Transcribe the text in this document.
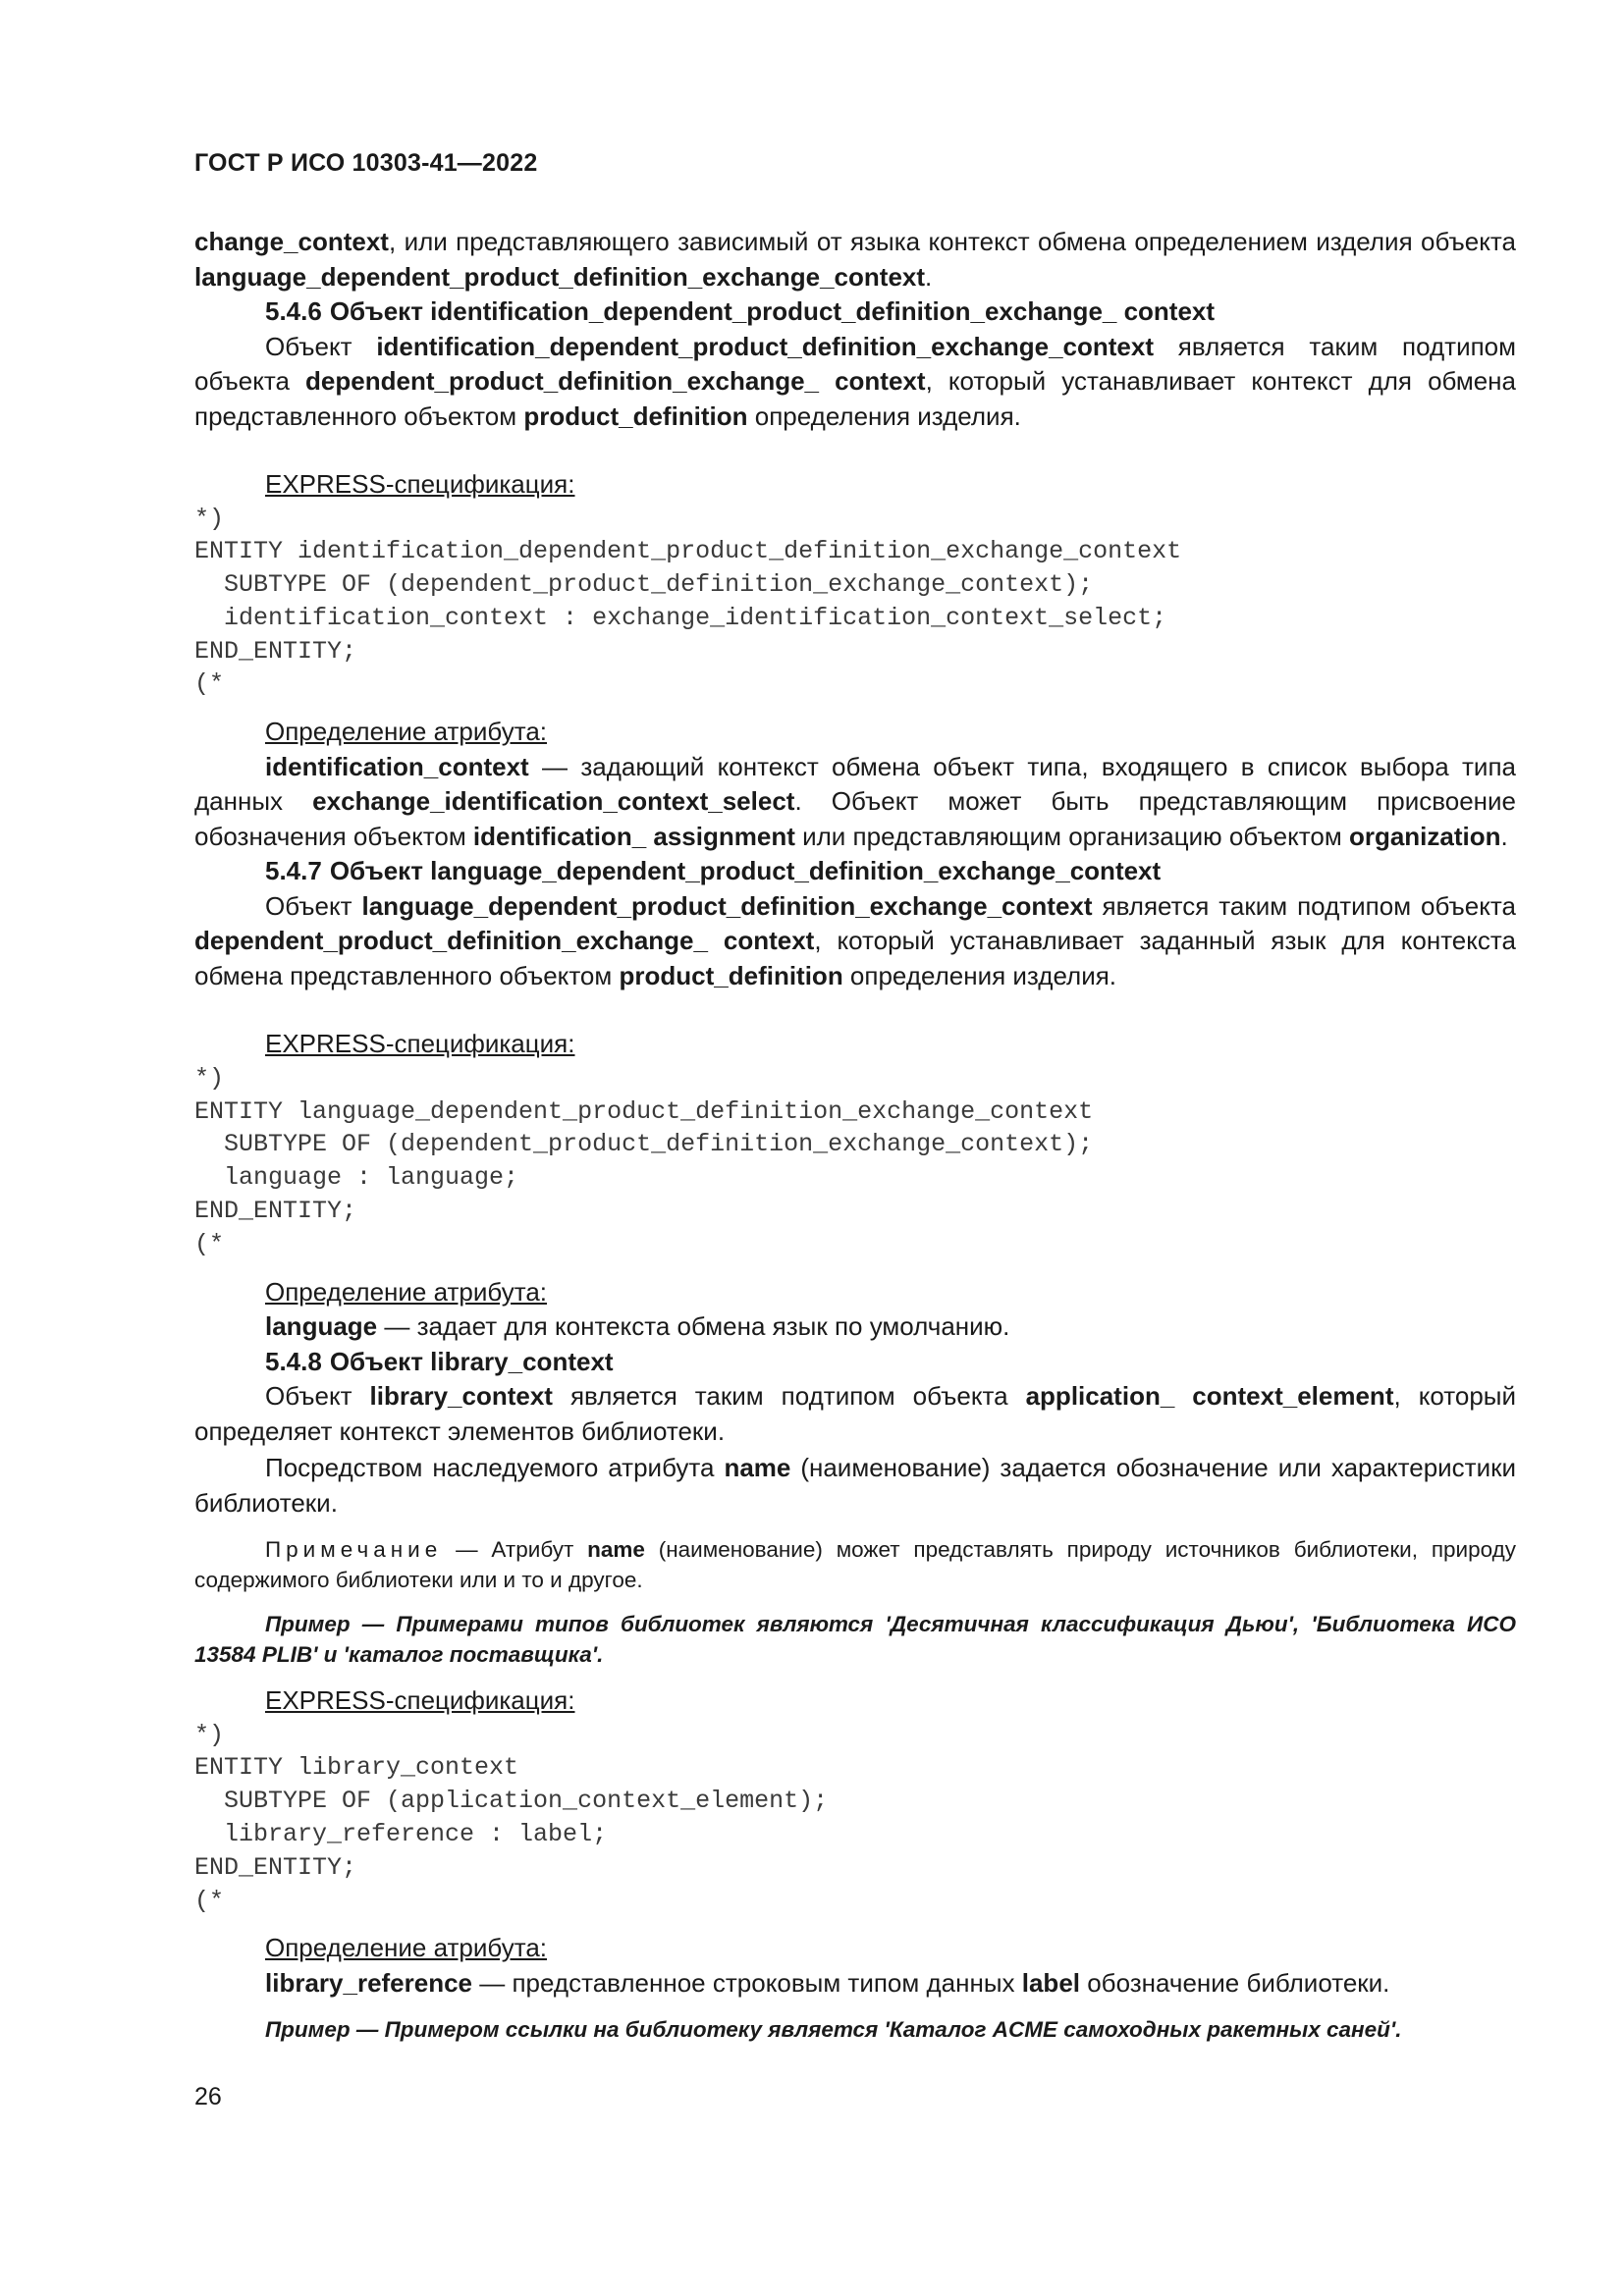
ГОСТ Р ИСО 10303-41—2022

change_context, или представляющего зависимый от языка контекст обмена определением изделия объекта language_dependent_product_definition_exchange_context.

5.4.6 Объект identification_dependent_product_definition_exchange_ context

Объект identification_dependent_product_definition_exchange_context является таким подтипом объекта dependent_product_definition_exchange_ context, который устанавливает контекст для обмена представленного объектом product_definition определения изделия.

EXPRESS-спецификация:

*)
ENTITY identification_dependent_product_definition_exchange_context
SUBTYPE OF (dependent_product_definition_exchange_context);
identification_context : exchange_identification_context_select;
END_ENTITY;
(*

Определение атрибута:

identification_context — задающий контекст обмена объект типа, входящего в список выбора типа данных exchange_identification_context_select. Объект может быть представляющим присвоение обозначения объектом identification_ assignment или представляющим организацию объектом organization.

5.4.7 Объект language_dependent_product_definition_exchange_context

Объект language_dependent_product_definition_exchange_context является таким подтипом объекта dependent_product_definition_exchange_ context, который устанавливает заданный язык для контекста обмена представленного объектом product_definition определения изделия.

EXPRESS-спецификация:

*)
ENTITY language_dependent_product_definition_exchange_context
SUBTYPE OF (dependent_product_definition_exchange_context);
language : language;
END_ENTITY;
(*

Определение атрибута:

language — задает для контекста обмена язык по умолчанию.

5.4.8 Объект library_context

Объект library_context является таким подтипом объекта application_ context_element, который определяет контекст элементов библиотеки.

Посредством наследуемого атрибута name (наименование) задается обозначение или характеристики библиотеки.

Примечание — Атрибут name (наименование) может представлять природу источников библиотеки, природу содержимого библиотеки или и то и другое.

Пример — Примерами типов библиотек являются 'Десятичная классификация Дьюи', 'Библиотека ИСО 13584 PLIB' и 'каталог поставщика'.

EXPRESS-спецификация:

*)
ENTITY library_context
SUBTYPE OF (application_context_element);
library_reference : label;
END_ENTITY;
(*

Определение атрибута:

library_reference — представленное строковым типом данных label обозначение библиотеки.

Пример — Примером ссылки на библиотеку является 'Каталог ACME самоходных ракетных саней'.

26
